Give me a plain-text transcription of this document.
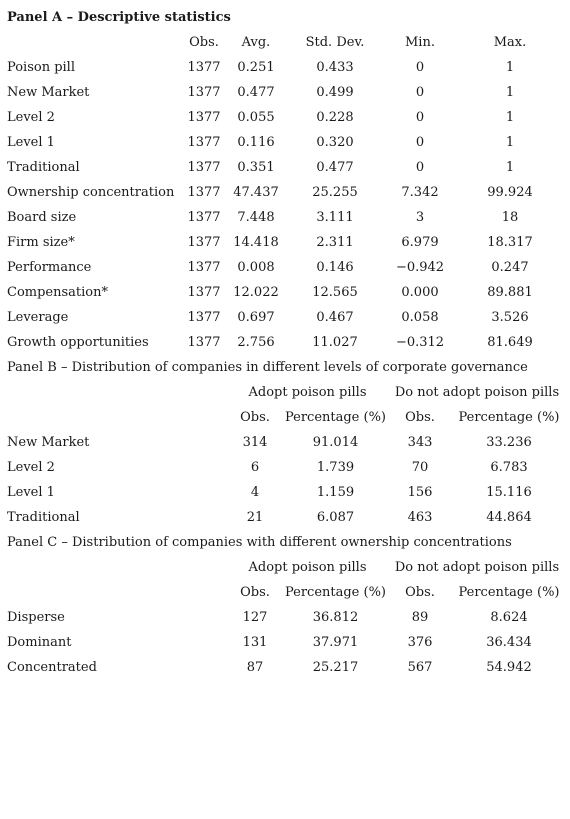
Panel A – Descriptive statistics
Obs.	Avg.	Std. Dev.	Min.	Max.
Poison pill	1377	0.251	0.433	0	1
New Market	1377	0.477	0.499	0	1
Level 2	1377	0.055	0.228	0	1
Level 1	1377	0.116	0.320	0	1
Traditional	1377	0.351	0.477	0	1
Ownership concentration	1377 47.437	25.255	7.342	99.924
Board size	1377	7.448	3.111	3	18
Firm size*	1377 14.418	2.311	6.979	18.317
Performance	1377	0.008	0.146	−0.942	0.247
Compensation*	1377 12.022	12.565	0.000	89.881
Leverage	1377	0.697	0.467	0.058	3.526
Growth opportunities	1377	2.756	11.027	−0.312	81.649
Panel B – Distribution of companies in different levels of corporate governance
Adopt poison pills	Do not adopt poison pills
Obs.	Percentage (%)	Obs.	Percentage (%)
New Market	314	91.014	343	33.236
Level 2	6	1.739	70	6.783
Level 1	4	1.159	156	15.116
Traditional	21	6.087	463	44.864
Panel C – Distribution of companies with different ownership concentrations
Adopt poison pills	Do not adopt poison pills
Obs.	Percentage (%)	Obs.	Percentage (%)
Disperse	127	36.812	89	8.624
Dominant	131	37.971	376	36.434
Concentrated	87	25.217	567	54.942
